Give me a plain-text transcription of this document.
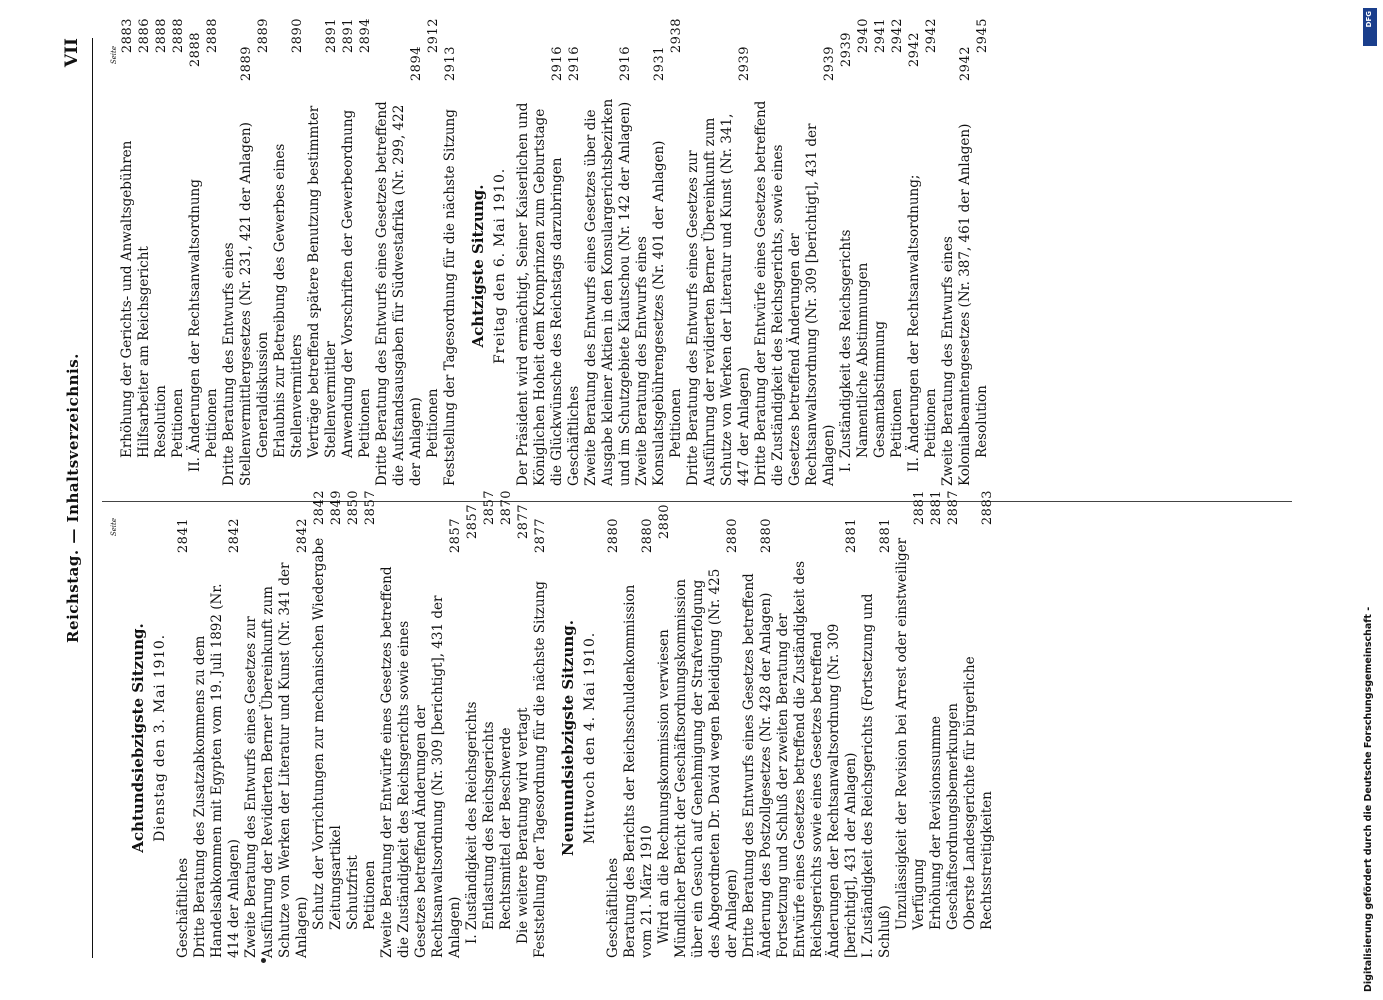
Reichstag. — Inhaltsverzeichnis.
VII
Seite
Achtundsiebzigste Sitzung. Dienstag den 3. Mai 1910.
Geschäftliches
2841
Dritte Beratung des Zusatzabkommens zu dem Handelsabkommen mit Egypten vom 19. Juli 1892 (Nr. 414 der Anlagen)
2842
Zweite Beratung des Entwurfs eines Gesetzes zur Ausführung der Revidierten Berner Übereinkunft zum Schutze von Werken der Literatur und Kunst (Nr. 341 der Anlagen)
2842
Schutz der Vorrichtungen zur mechanischen Wiedergabe
2842
Zeitungsartikel
2849
Schutzfrist
2850
Petitionen
2857
Zweite Beratung der Entwürfe eines Gesetzes betreffend die Zuständigkeit des Reichsgerichts sowie eines Gesetzes betreffend Änderungen der Rechtsanwaltsordnung (Nr. 309 [berichtigt], 431 der Anlagen)
2857
I. Zuständigkeit des Reichsgerichts
2857
Entlastung des Reichsgerichts
2857
Rechtsmittel der Beschwerde
2870
Die weitere Beratung wird vertagt
2877
Feststellung der Tagesordnung für die nächste Sitzung
2877
Neunundsiebzigste Sitzung. Mittwoch den 4. Mai 1910.
Geschäftliches
2880
Beratung des Berichts der Reichsschuldenkommission vom 21. März 1910
2880
Wird an die Rechnungskommission verwiesen
2880
Mündlicher Bericht der Geschäftsordnungskommission über ein Gesuch auf Genehmigung der Strafverfolgung des Abgeordneten Dr. David wegen Beleidigung (Nr. 425 der Anlagen)
2880
Dritte Beratung des Entwurfs eines Gesetzes betreffend Änderung des Postzollgesetzes (Nr. 428 der Anlagen)
2880
Fortsetzung und Schluß der zweiten Beratung der Entwürfe eines Gesetzes betreffend die Zuständigkeit des Reichsgerichts sowie eines Gesetzes betreffend Änderungen der Rechtsanwaltsordnung (Nr. 309 [berichtigt], 431 der Anlagen)
2881
I. Zuständigkeit des Reichsgerichts (Fortsetzung und Schluß)
2881
Unzulässigkeit der Revision bei Arrest oder einstweiliger Verfügung
2881
Erhöhung der Revisionssumme
2881
Geschäftsordnungsbemerkungen
2887
Oberste Landesgerichte für bürgerliche Rechtsstreitigkeiten
2883
Seite
Erhöhung der Gerichts- und Anwaltsgebühren
2883
Hilfsarbeiter am Reichsgericht
2886
Resolution
2888
Petitionen
2888
II. Änderungen der Rechtsanwaltsordnung
2888
Petitionen
2888
Dritte Beratung des Entwurfs eines Stellenvermittlergesetzes (Nr. 231, 421 der Anlagen)
2889
Generaldiskussion
2889
Erlaubnis zur Betreibung des Gewerbes eines Stellenvermittlers
2890
Verträge betreffend spätere Benutzung bestimmter Stellenvermittler
2891
Anwendung der Vorschriften der Gewerbeordnung
2891
Petitionen
2894
Dritte Beratung des Entwurfs eines Gesetzes betreffend die Aufstandsausgaben für Südwestafrika (Nr. 299, 422 der Anlagen)
2894
Petitionen
2912
Feststellung der Tagesordnung für die nächste Sitzung
2913
Achtzigste Sitzung. Freitag den 6. Mai 1910. Der Präsident wird ermächtigt, Seiner Kaiserlichen und Königlichen Hoheit dem Kronprinzen zum Geburtstage die Glückwünsche des Reichstags darzubringen
2916
Geschäftliches
2916
Zweite Beratung des Entwurfs eines Gesetzes über die Ausgabe kleiner Aktien in den Konsulargerichtsbezirken und im Schutzgebiete Kiautschou (Nr. 142 der Anlagen)
2916
Zweite Beratung des Entwurfs eines Konsulatsgebührengesetzes (Nr. 401 der Anlagen)
2931
Petitionen
2938
Dritte Beratung des Entwurfs eines Gesetzes zur Ausführung der revidierten Berner Übereinkunft zum Schutze von Werken der Literatur und Kunst (Nr. 341, 447 der Anlagen)
2939
Dritte Beratung der Entwürfe eines Gesetzes betreffend die Zuständigkeit des Reichsgerichts, sowie eines Gesetzes betreffend Änderungen der Rechtsanwaltsordnung (Nr. 309 [berichtigt], 431 der Anlagen)
2939
I. Zuständigkeit des Reichsgerichts
2939
Namentliche Abstimmungen
2940
Gesamtabstimmung
2941
Petitionen
2942
II. Änderungen der Rechtsanwaltsordnung;
2942
Petitionen
2942
Zweite Beratung des Entwurfs eines Kolonialbeamtengesetzes (Nr. 387, 461 der Anlagen)
2942
Resolution
2945	DFG
Digitalisierung gefördert durch die Deutsche Forschungsgemeinschaft -
